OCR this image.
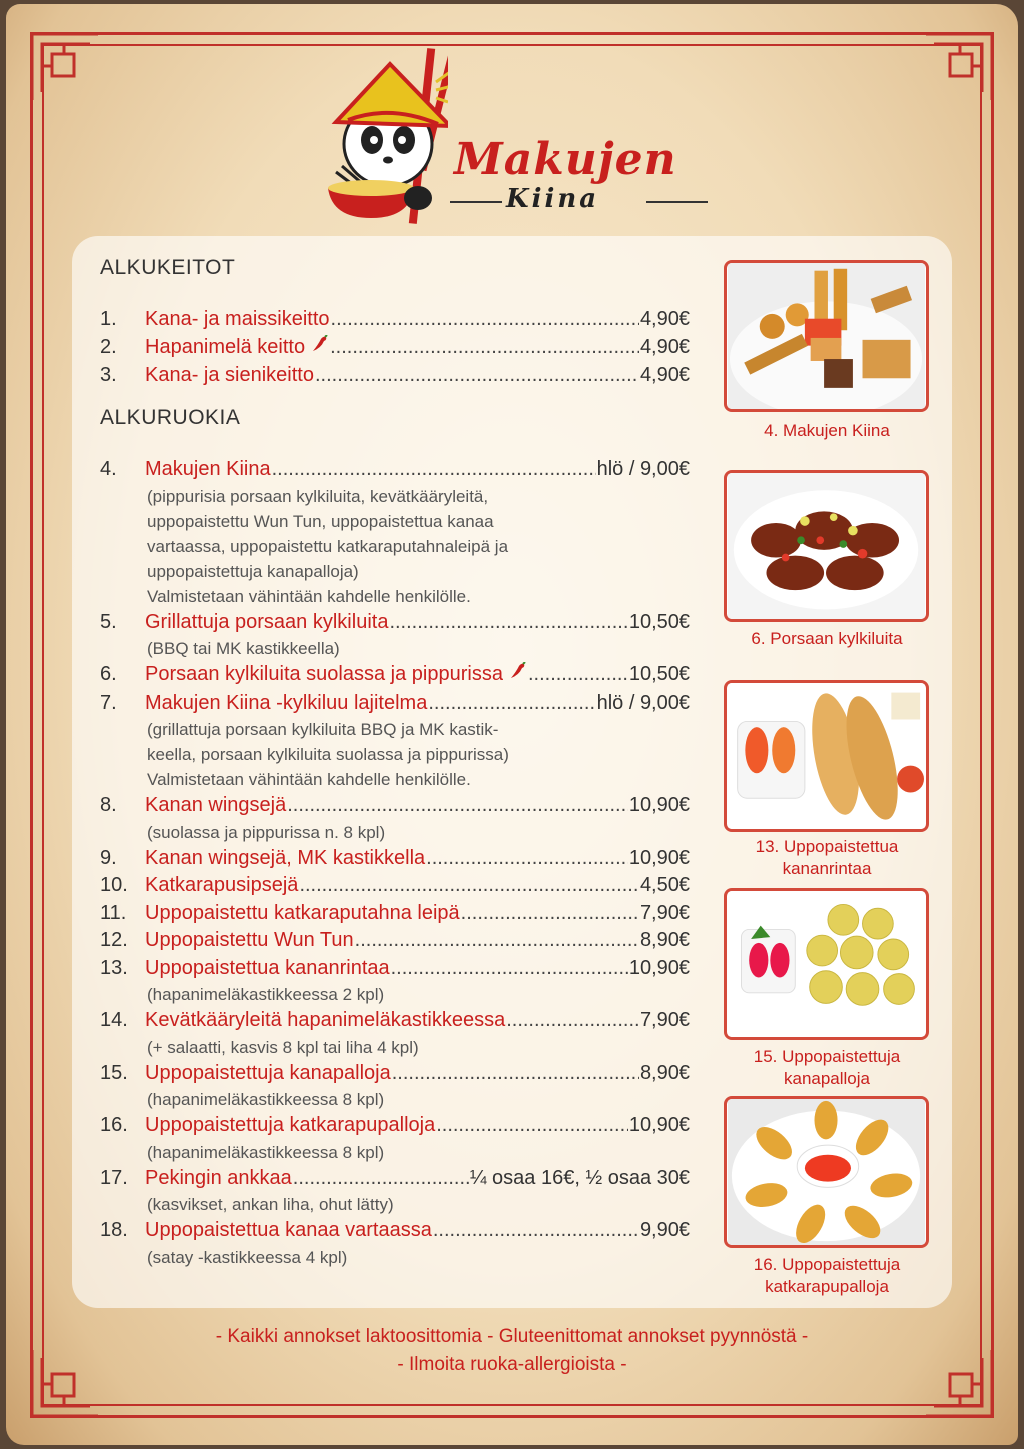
Makujen
Kiina
ALKUKEITOT
1.	Kana- ja maissikeitto .....	4,90€
2.	Hapanimelä keitto .....	4,90€
3.	Kana- ja sienikeitto .....	4,90€
ALKURUOKIA
4.	Makujen Kiina .....	hlö / 9,00€
(pippurisia porsaan kylkiluita, kevätkääryleitä,
uppopaistettu Wun Tun, uppopaistettua kanaa
vartaassa, uppopaistettu katkaraputahnaleipä ja
uppopaistettuja kanapalloja)
Valmistetaan vähintään kahdelle henkilölle.
5.	Grillattuja porsaan kylkiluita .....	10,50€
(BBQ tai MK kastikkeella)
6.	Porsaan kylkiluita suolassa ja pippurissa .....	10,50€
7.	Makujen Kiina -kylkiluu lajitelma .....	hlö / 9,00€
(grillattuja porsaan kylkiluita BBQ ja MK kastik-
keella, porsaan kylkiluita suolassa ja pippurissa)
Valmistetaan vähintään kahdelle henkilölle.
8.	Kanan wingsejä .....	10,90€
(suolassa ja pippurissa n. 8 kpl)
9.	Kanan wingsejä, MK kastikkella .....	10,90€
10. Katkarapusipsejä .....	4,50€
11. Uppopaistettu katkaraputahna leipä .....	7,90€
12. Uppopaistettu Wun Tun .....	8,90€
13. Uppopaistettua kananrintaa .....	10,90€
(hapanimeläkastikkeessa 2 kpl)
14. Kevätkääryleitä hapanimeläkastikkeessa .....	7,90€
(+ salaatti, kasvis 8 kpl tai liha 4 kpl)
15. Uppopaistettuja kanapalloja .....	8,90€
(hapanimeläkastikkeessa 8 kpl)
16. Uppopaistettuja katkarapupalloja .....	10,90€
(hapanimeläkastikkeessa 8 kpl)
17. Pekingin ankkaa .....	¼ osaa 16€, ½ osaa 30€
(kasvikset, ankan liha, ohut lätty)
18. Uppopaistettua kanaa vartaassa .....	9,90€
(satay -kastikkeessa 4 kpl)
4. Makujen Kiina
6. Porsaan kylkiluita
13. Uppopaistettua
kananrintaa
15. Uppopaistettuja
kanapalloja
16. Uppopaistettuja
katkarapupalloja
- Kaikki annokset laktoosittomia - Gluteenittomat annokset pyynnöstä -
- Ilmoita ruoka-allergioista -
